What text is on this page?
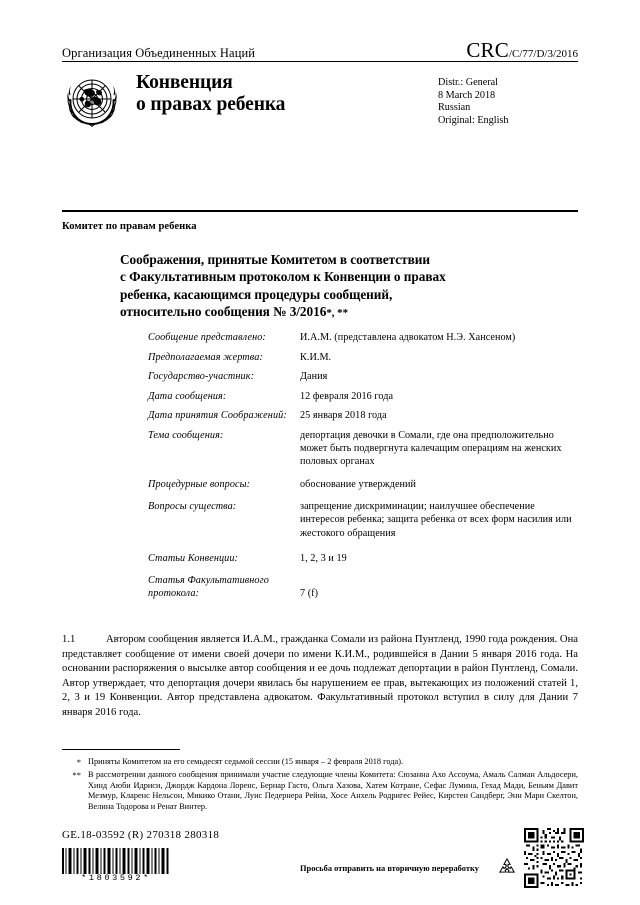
Организация Объединенных Наций	CRC/C/77/D/3/2016
Конвенция
о правах ребенка
Distr.: General
8 March 2018
Russian
Original: English
Комитет по правам ребенка
Соображения, принятые Комитетом в соответствии
с Факультативным протоколом к Конвенции о правах
ребенка, касающимся процедуры сообщений,
относительно сообщения № 3/2016*, **
Сообщение представлено:	И.А.М. (представлена адвокатом Н.Э. Хансеном)
Предполагаемая жертва:	К.И.М.
Государство-участник:	Дания
Дата сообщения:	12 февраля 2016 года
Дата принятия Соображений:	25 января 2018 года
Тема сообщения:	депортация девочки в Сомали, где она предположительно может быть подвергнута калечащим операциям на женских половых органах
Процедурные вопросы:	обоснование утверждений
Вопросы существа:	запрещение дискриминации; наилучшее обеспечение интересов ребенка; защита ребенка от всех форм насилия или жестокого обращения
Статьи Конвенции:	1, 2, 3 и 19
Статья Факультативного протокола:	7 (f)
1.1	Автором сообщения является И.А.М., гражданка Сомали из района Пунтленд, 1990 года рождения. Она представляет сообщение от имени своей дочери по имени К.И.М., родившейся в Дании 5 января 2016 года. На основании распоряжения о высылке автор сообщения и ее дочь подлежат депортации в район Пунтленд, Сомали. Автор утверждает, что депортация дочери явилась бы нарушением ее прав, вытекающих из положений статей 1, 2, 3 и 19 Конвенции. Автор представлена адвокатом. Факультативный протокол вступил в силу для Дании 7 января 2016 года.
* Приняты Комитетом на его семьдесят седьмой сессии (15 января – 2 февраля 2018 года).
** В рассмотрении данного сообщения принимали участие следующие члены Комитета: Сюзанна Ахо Ассоума, Амаль Салман Альдосери, Хинд Аюби Идриси, Джордж Кардона Лоренс, Бернар Гасто, Ольга Хазова, Хатем Котране, Сефас Лумина, Гехад Мади, Беньям Давит Мезмур, Кларенс Нельсон, Микико Отани, Луис Педернера Рейна, Хосе Анхель Родригес Рейес, Кирстен Сандберг, Энн Мари Скелтон, Велина Тодорова и Ренат Винтер.
GE.18-03592 (R) 270318 280318
*1803592*
Просьба отправить на вторичную переработку
